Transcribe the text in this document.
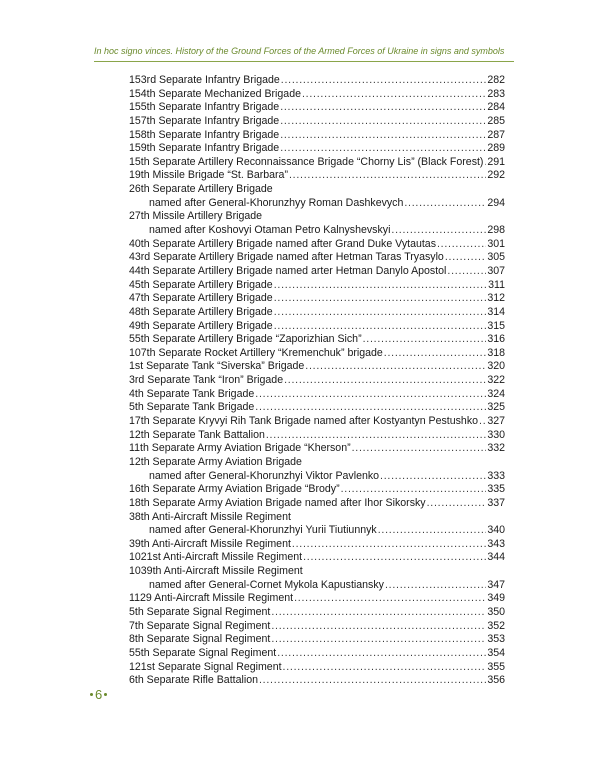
In hoc signo vinces. History of the Ground Forces of the Armed Forces of Ukraine in signs and symbols
153rd Separate Infantry Brigade . . .	282
154th Separate Mechanized Brigade . . .	283
155th Separate Infantry Brigade . . .	284
157th Separate Infantry Brigade . . .	285
158th Separate Infantry Brigade . . .	287
159th Separate Infantry Brigade . . .	289
15th Separate Artillery Reconnaissance Brigade “Chorny Lis” (Black Forest) . . . 291
19th Missile Brigade “St. Barbara” . . .	292
26th Separate Artillery Brigade
named after General-Khorunzhyy Roman Dashkevych . . .	294
27th Missile Artillery Brigade
named after Koshovyi Otaman Petro Kalnyshevskyi . . .	298
40th Separate Artillery Brigade named after Grand Duke Vytautas . . .	301
43rd Separate Artillery Brigade named after Hetman Taras Tryasylo . . .	305
44th Separate Artillery Brigade named arter Hetman Danylo Apostol . . .	307
45th Separate Artillery Brigade . . .	311
47th Separate Artillery Brigade . . .	312
48th Separate Artillery Brigade . . .	314
49th Separate Artillery Brigade . . .	315
55th Separate Artillery Brigade “Zaporizhian Sich” . . .	316
107th Separate Rocket Artillery “Kremenchuk” brigade . . .	318
1st Separate Tank “Siverska” Brigade . . .	320
3rd Separate Tank “Iron” Brigade . . .	322
4th Separate Tank Brigade . . .	324
5th Separate Tank Brigade . . .	325
17th Separate Kryvyi Rih Tank Brigade named after Kostyantyn Pestushko . . . 327
12th Separate Tank Battalion . . .	330
11th Separate Army Aviation Brigade “Kherson” . . .	332
12th Separate Army Aviation Brigade
named after General-Khorunzhyi Viktor Pavlenko . . .	333
16th Separate Army Aviation Brigade “Brody” . . .	335
18th Separate Army Aviation Brigade named after Ihor Sikorsky . . .	337
38th Anti-Aircraft Missile Regiment
named after General-Khorunzhyi Yurii Tiutiunnyk . . .	340
39th Anti-Aircraft Missile Regiment . . .	343
1021st Anti-Aircraft Missile Regiment . . .	344
1039th Anti-Aircraft Missile Regiment
named after General-Cornet Mykola Kapustiansky . . .	347
1129 Anti-Aircraft Missile Regiment . . .	349
5th Separate Signal Regiment . . .	350
7th Separate Signal Regiment . . .	352
8th Separate Signal Regiment . . .	353
55th Separate Signal Regiment . . .	354
121st Separate Signal Regiment . . .	355
6th Separate Rifle Battalion . . .	356
6
